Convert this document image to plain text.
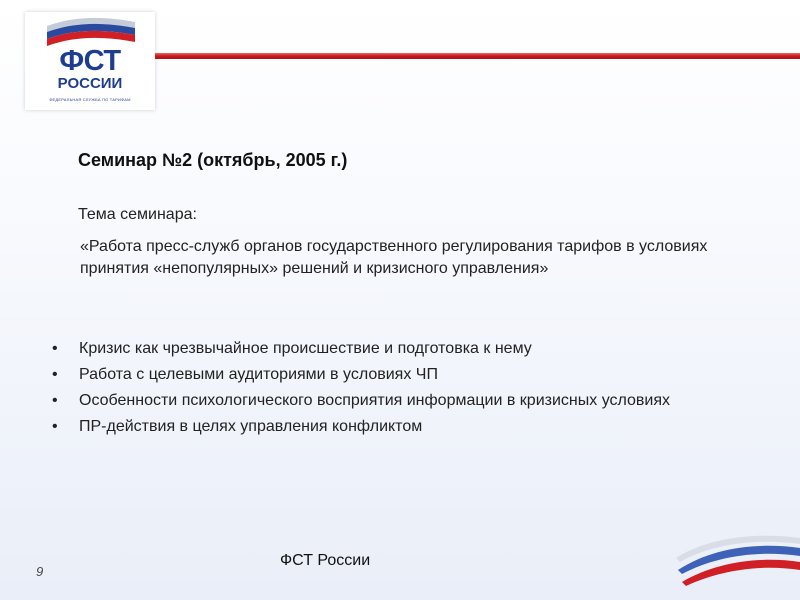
ФСТ
РОССИИ
ФЕДЕРАЛЬНАЯ СЛУЖБА ПО ТАРИФАМ
Семинар №2 (октябрь, 2005 г.)
Тема семинара:
«Работа пресс-служб органов государственного регулирования тарифов в условиях принятия «непопулярных» решений и кризисного управления»
• Кризис как чрезвычайное происшествие и подготовка к нему
• Работа с целевыми аудиториями в условиях ЧП
• Особенности психологического восприятия информации в кризисных условиях
• ПР-действия в целях управления конфликтом
9
ФСТ России
